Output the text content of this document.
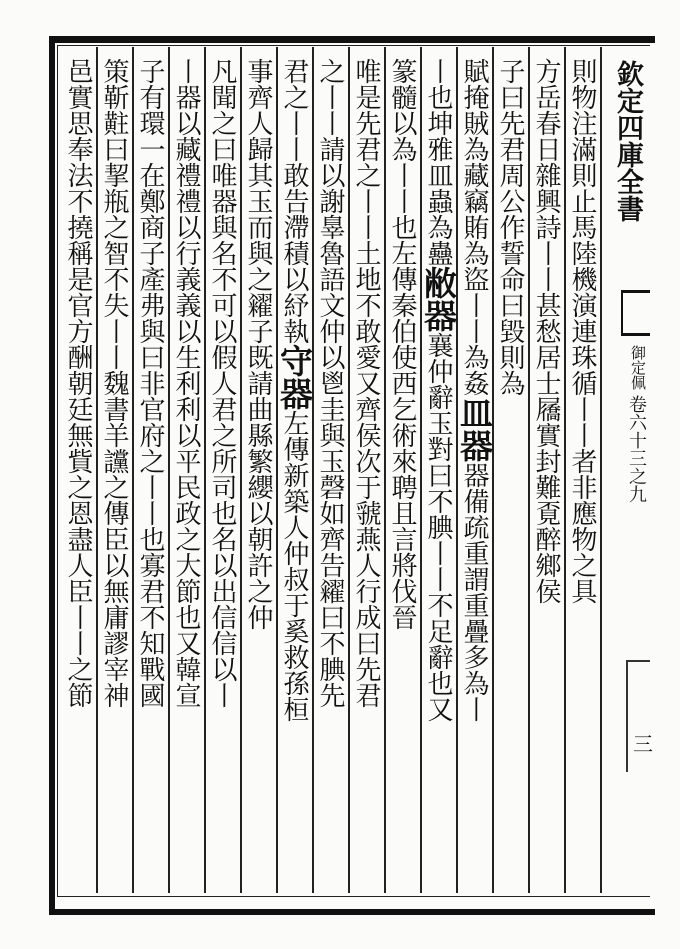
欽定四庫全書
御定佩
卷六十三之九
三
則物注滿則止馬陸機演連珠循丨丨者非應物之具
方岳春日雜興詩丨丨甚愁居士屩實封難覔醉鄉侯
子曰先君周公作誓命曰毀則為
賦掩賊為藏竊賄為盜丨丨為姦
皿器
器備疏重謂重疊多為丨
丨也坤雅皿蟲為蠱
敝器
襄仲辭玉對曰不腆丨丨不足辭也又
篆髓以為丨丨也
左傳秦伯使西乞術來聘且言將伐晉
唯是先君之丨丨土地不敢愛又齊侯次于虢燕人行成曰先君
之丨丨請以謝辠魯語文仲以鬯圭與玉磬如齊告糴曰不腆先
君之丨丨敢告滯積以紓執
守器
左傳新築人仲叔于奚救孫桓
事齊人歸其玉而與之糴
子既請曲縣繁纓以朝許之仲
凡聞之曰唯器與名不可以假人君之所司也名以出信信以丨
丨器以藏禮禮以行義義以生利利以平民政之大節也又韓宣
子有環一在鄭商子產弗與曰非官府之丨丨也寡君不知戰國
策靳黈曰挈瓶之智不失丨丨魏書羊讜之傳臣以無庸謬宰神
邑實思奉法不撓稱是官方酬朝廷無貲之恩盡人臣丨丨之節
